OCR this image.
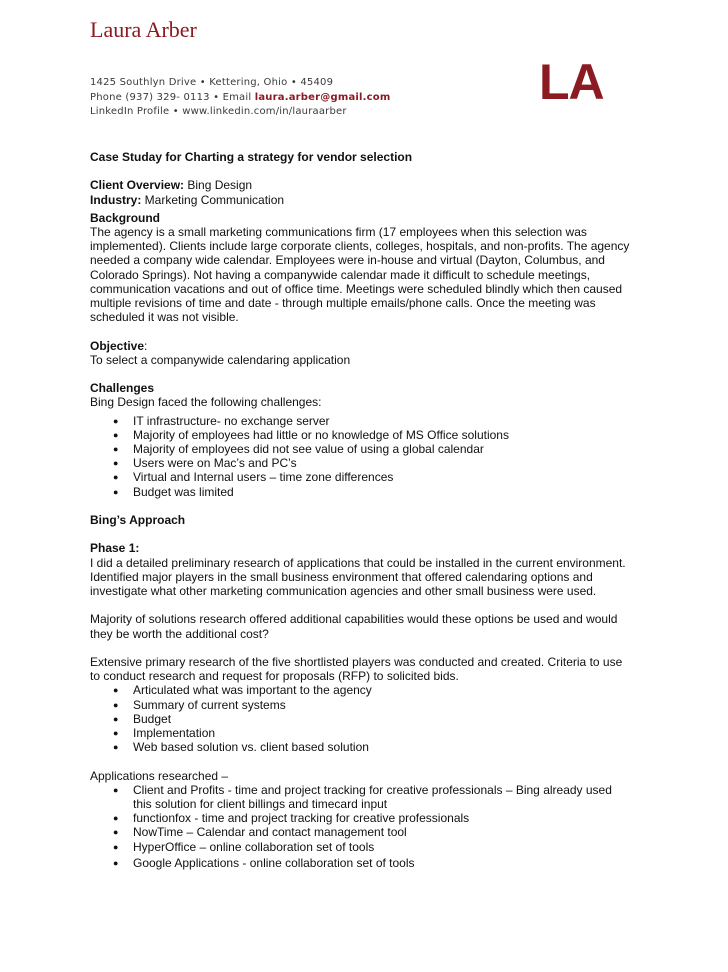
Laura Arber
LA
1425 Southlyn Drive • Kettering, Ohio • 45409
Phone (937) 329- 0113 • Email laura.arber@gmail.com
LinkedIn Profile • www.linkedin.com/in/lauraarber

Case Studay for Charting a strategy for vendor selection

Client Overview: Bing Design

Industry: Marketing Communication

Background

The agency is a small marketing communications firm (17 employees when this selection was implemented). Clients include large corporate clients, colleges, hospitals, and non-profits. The agency needed a company wide calendar. Employees were in-house and virtual (Dayton, Columbus, and Colorado Springs). Not having a companywide calendar made it difficult to schedule meetings, communication vacations and out of office time. Meetings were scheduled blindly which then caused multiple revisions of time and date - through multiple emails/phone calls. Once the meeting was scheduled it was not visible.

Objective:

To select a companywide calendaring application

Challenges

Bing Design faced the following challenges:

● IT infrastructure- no exchange server
● Majority of employees had little or no knowledge of MS Office solutions
● Majority of employees did not see value of using a global calendar
● Users were on Mac’s and PC’s
● Virtual and Internal users – time zone differences
● Budget was limited

Bing’s Approach

Phase 1:

I did a detailed preliminary research of applications that could be installed in the current environment. Identified major players in the small business environment that offered calendaring options and investigate what other marketing communication agencies and other small business were used.

Majority of solutions research offered additional capabilities would these options be used and would they be worth the additional cost?

Extensive primary research of the five shortlisted players was conducted and created. Criteria to use to conduct research and request for proposals (RFP) to solicited bids.

● Articulated what was important to the agency
● Summary of current systems
● Budget
● Implementation
● Web based solution vs. client based solution

Applications researched –

● Client and Profits - time and project tracking for creative professionals – Bing already used this solution for client billings and timecard input
● functionfox - time and project tracking for creative professionals
● NowTime – Calendar and contact management tool
● HyperOffice – online collaboration set of tools
● Google Applications - online collaboration set of tools
